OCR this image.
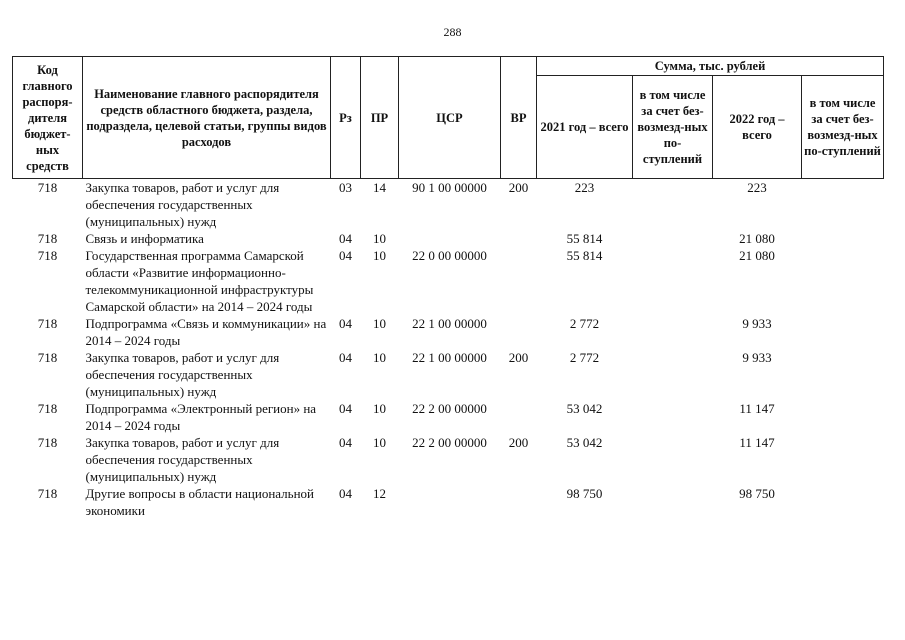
288
Код главного распоря-дителя бюджет-ных средств	Наименование главного распорядителя средств областного бюджета, раздела, подраздела, целевой статьи, группы видов расходов	Рз	ПР	ЦСР	ВР	Сумма, тыс. рублей			
						2021 год – всего	в том числе за счет без-возмезд-ных по-ступлений	2022 год – всего	в том числе за счет без-возмезд-ных по-ступлений
718	Закупка товаров, работ и услуг для обеспечения государственных (муниципальных) нужд	03	14	90 1 00 00000	200	223		223	
718	Связь и информатика	04	10			55 814		21 080	
718	Государственная программа Самарской области «Развитие информационно-телекоммуникационной инфраструктуры Самарской области» на 2014 – 2024 годы	04	10	22 0 00 00000		55 814		21 080	
718	Подпрограмма «Связь и коммуникации» на 2014 – 2024 годы	04	10	22 1 00 00000		2 772		9 933	
718	Закупка товаров, работ и услуг для обеспечения государственных (муниципальных) нужд	04	10	22 1 00 00000	200	2 772		9 933	
718	Подпрограмма «Электронный регион» на 2014 – 2024 годы	04	10	22 2 00 00000		53 042		11 147	
718	Закупка товаров, работ и услуг для обеспечения государственных (муниципальных) нужд	04	10	22 2 00 00000	200	53 042		11 147	
718	Другие вопросы в области национальной экономики	04	12			98 750		98 750	
